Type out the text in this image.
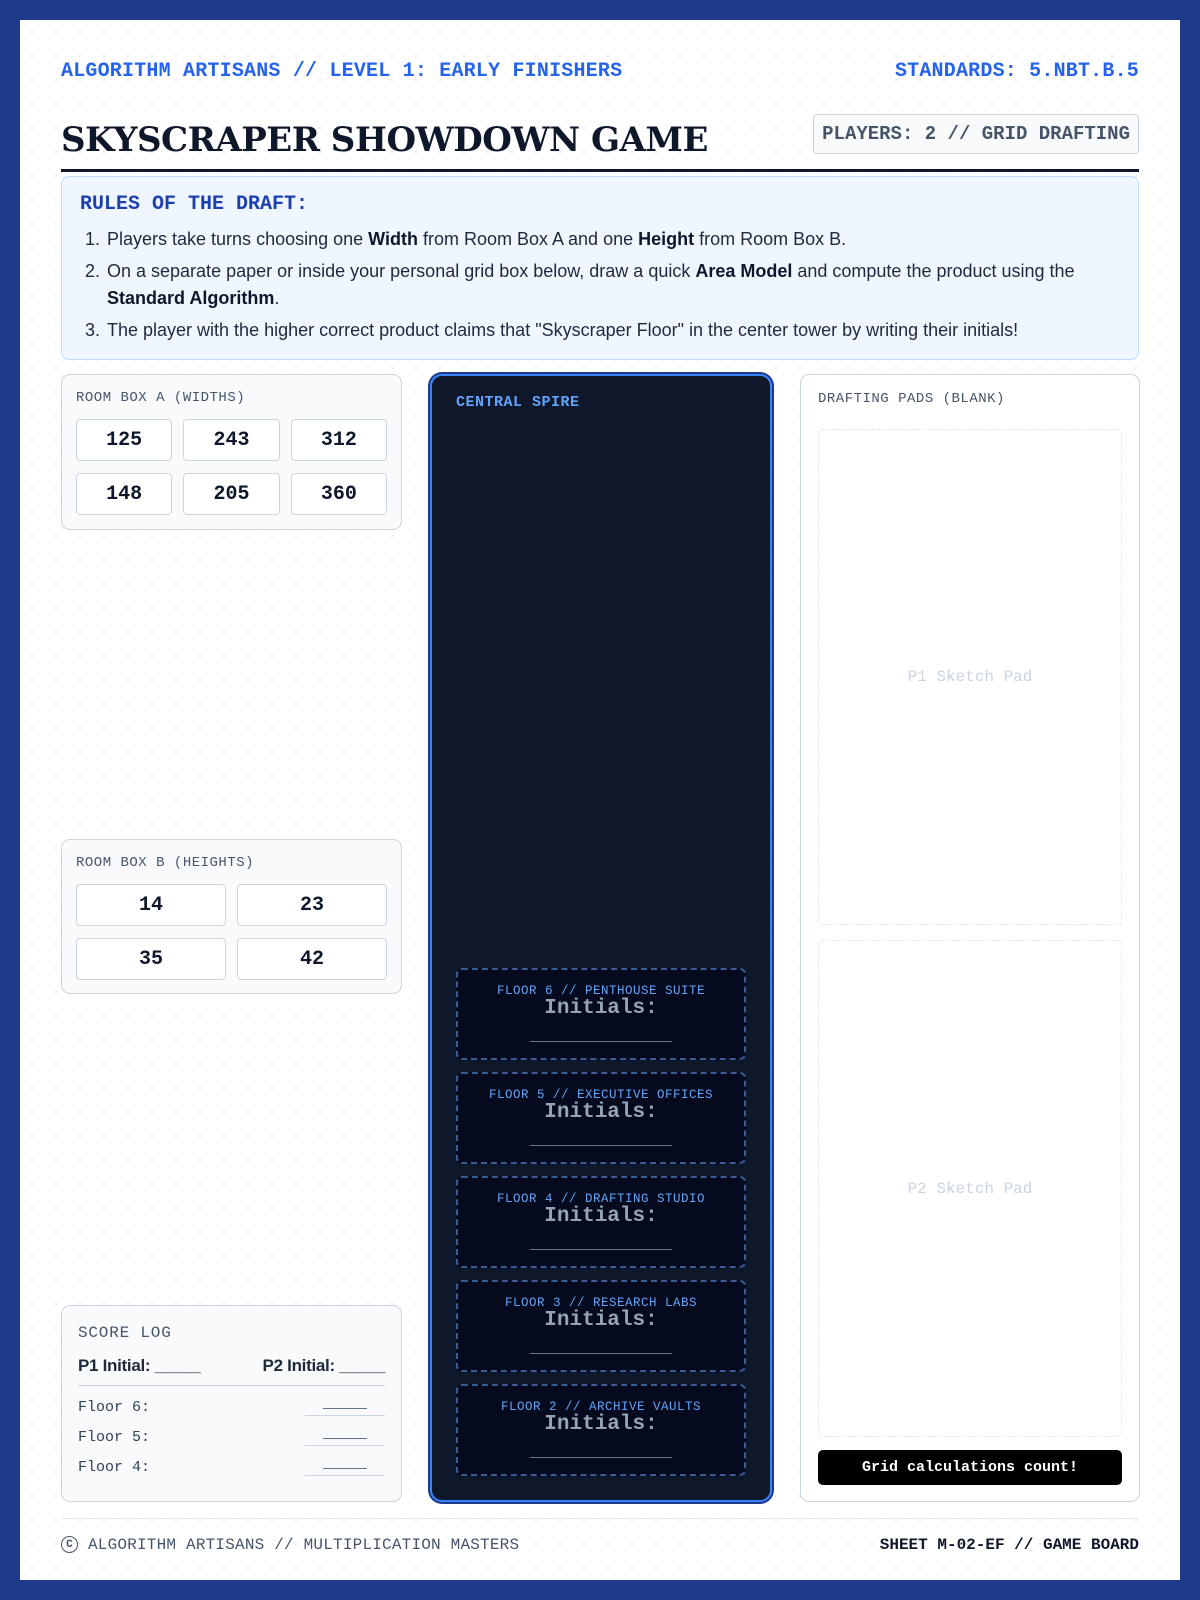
ALGORITHM ARTISANS // LEVEL 1: EARLY FINISHERS	STANDARDS: 5.NBT.B.5
SKYSCRAPER SHOWDOWN GAME	PLAYERS: 2 // GRID DRAFTING
RULES OF THE DRAFT:
1. Players take turns choosing one Width from Room Box A and one Height from Room Box B.
2. On a separate paper or inside your personal grid box below, draw a quick Area Model and compute the product using the Standard Algorithm.
3. The player with the higher correct product claims that "Skyscraper Floor" in the center tower by writing their initials!
ROOM BOX A (WIDTHS)
125	243	312
148	205	360
ROOM BOX B (HEIGHTS)
14	23
35	42
CENTRAL SPIRE
FLOOR 6 // PENTHOUSE SUITE
Initials:
FLOOR 5 // EXECUTIVE OFFICES
Initials:
FLOOR 4 // DRAFTING STUDIO
Initials:
FLOOR 3 // RESEARCH LABS
Initials:
FLOOR 2 // ARCHIVE VAULTS
Initials:
DRAFTING PADS (BLANK)
P1 Sketch Pad
P2 Sketch Pad
Grid calculations count!
SCORE LOG
P1 Initial: _____	P2 Initial: _____
Floor 6:
Floor 5:
Floor 4:
C ALGORITHM ARTISANS // MULTIPLICATION MASTERS	SHEET M-02-EF // GAME BOARD
